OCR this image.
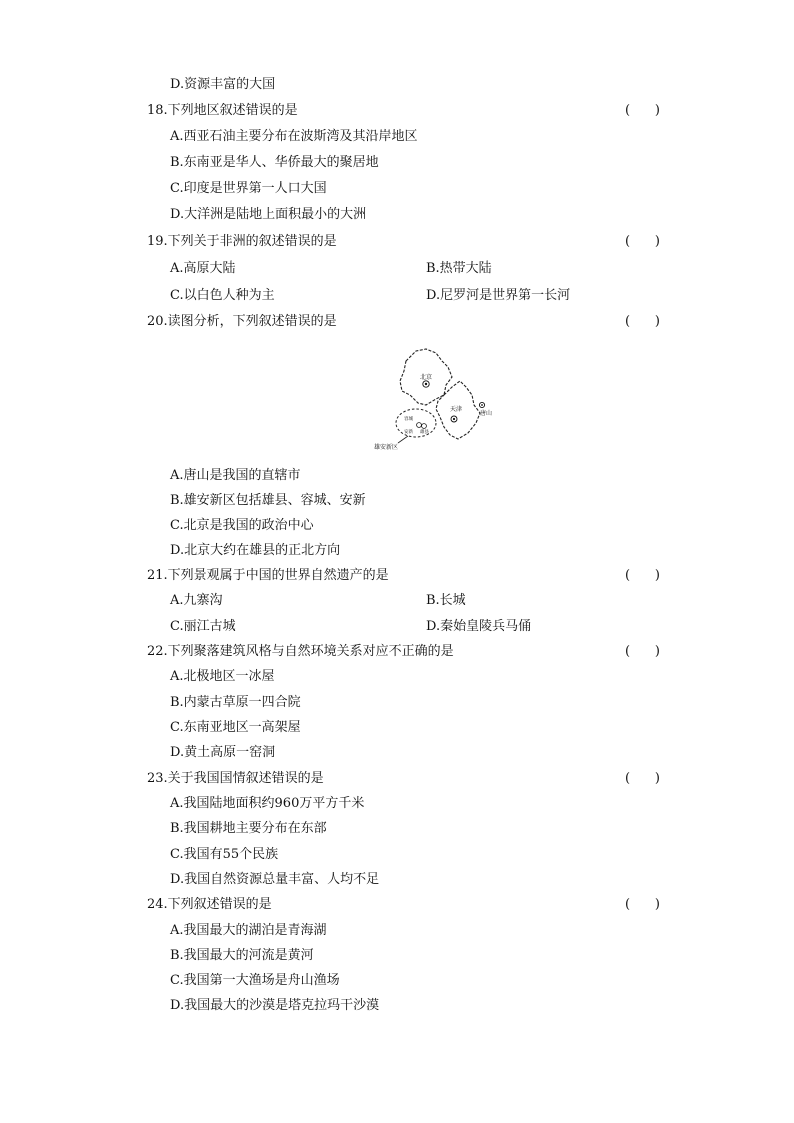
D.资源丰富的大国
18.下列地区叙述错误的是	(      )
A.西亚石油主要分布在波斯湾及其沿岸地区
B.东南亚是华人、华侨最大的聚居地
C.印度是世界第一人口大国
D.大洋洲是陆地上面积最小的大洲
19.下列关于非洲的叙述错误的是	(      )
A.高原大陆	B.热带大陆
C.以白色人种为主	D.尼罗河是世界第一长河
20.读图分析，下列叙述错误的是	(      )
北京
天津
唐山
容城
安新 雄县
雄安新区
A.唐山是我国的直辖市
B.雄安新区包括雄县、容城、安新
C.北京是我国的政治中心
D.北京大约在雄县的正北方向
21.下列景观属于中国的世界自然遗产的是	(      )
A.九寨沟	B.长城
C.丽江古城	D.秦始皇陵兵马俑
22.下列聚落建筑风格与自然环境关系对应不正确的是	(      )
A.北极地区一冰屋
B.内蒙古草原一四合院
C.东南亚地区一高架屋
D.黄土高原一窑洞
23.关于我国国情叙述错误的是	(      )
A.我国陆地面积约960万平方千米
B.我国耕地主要分布在东部
C.我国有55个民族
D.我国自然资源总量丰富、人均不足
24.下列叙述错误的是	(      )
A.我国最大的湖泊是青海湖
B.我国最大的河流是黄河
C.我国第一大渔场是舟山渔场
D.我国最大的沙漠是塔克拉玛干沙漠
